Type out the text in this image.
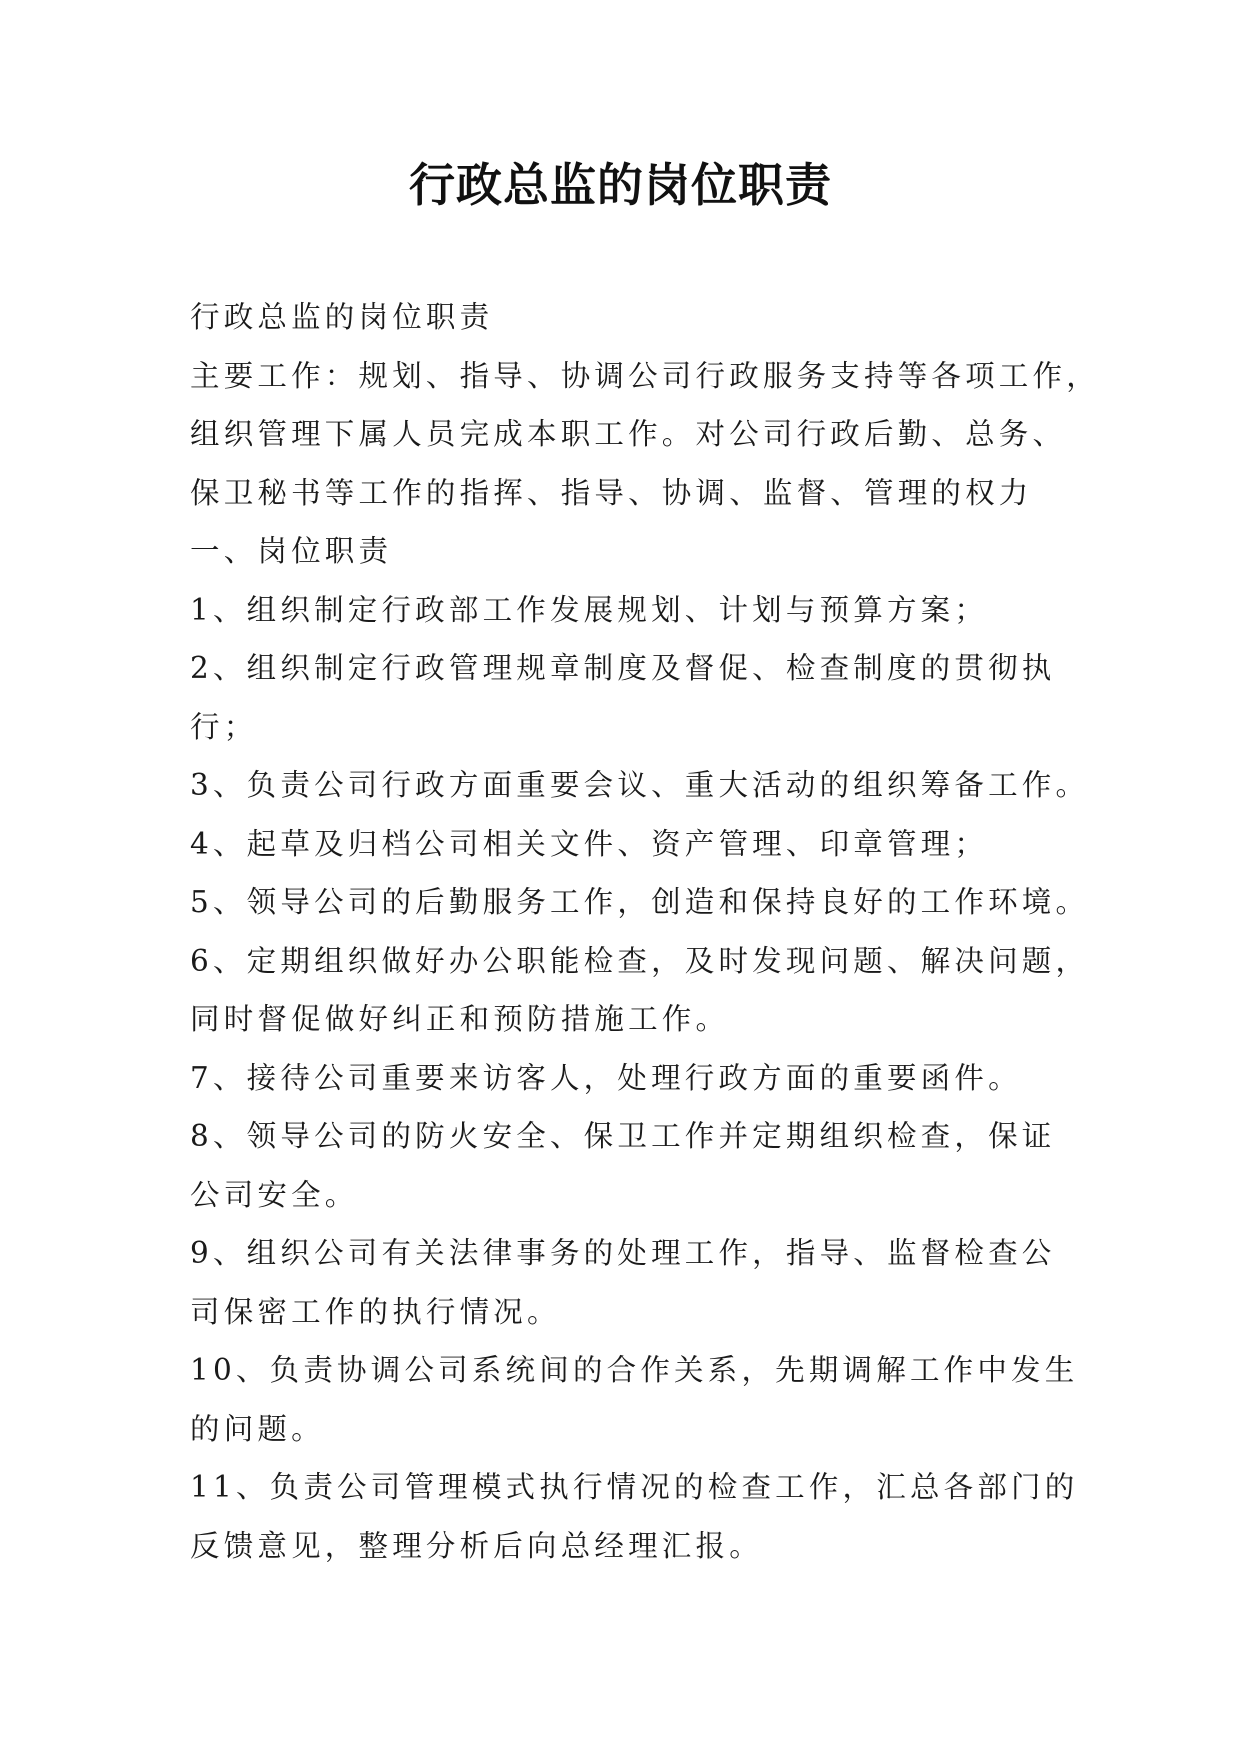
行政总监的岗位职责
行政总监的岗位职责
主要工作：规划、指导、协调公司行政服务支持等各项工作，
组织管理下属人员完成本职工作。对公司行政后勤、总务、
保卫秘书等工作的指挥、指导、协调、监督、管理的权力
一、岗位职责
1、组织制定行政部工作发展规划、计划与预算方案；
2、组织制定行政管理规章制度及督促、检查制度的贯彻执
行；
3、负责公司行政方面重要会议、重大活动的组织筹备工作。
4、起草及归档公司相关文件、资产管理、印章管理；
5、领导公司的后勤服务工作，创造和保持良好的工作环境。
6、定期组织做好办公职能检查，及时发现问题、解决问题，
同时督促做好纠正和预防措施工作。
7、接待公司重要来访客人，处理行政方面的重要函件。
8、领导公司的防火安全、保卫工作并定期组织检查，保证
公司安全。
9、组织公司有关法律事务的处理工作，指导、监督检查公
司保密工作的执行情况。
10、负责协调公司系统间的合作关系，先期调解工作中发生
的问题。
11、负责公司管理模式执行情况的检查工作，汇总各部门的
反馈意见，整理分析后向总经理汇报。
